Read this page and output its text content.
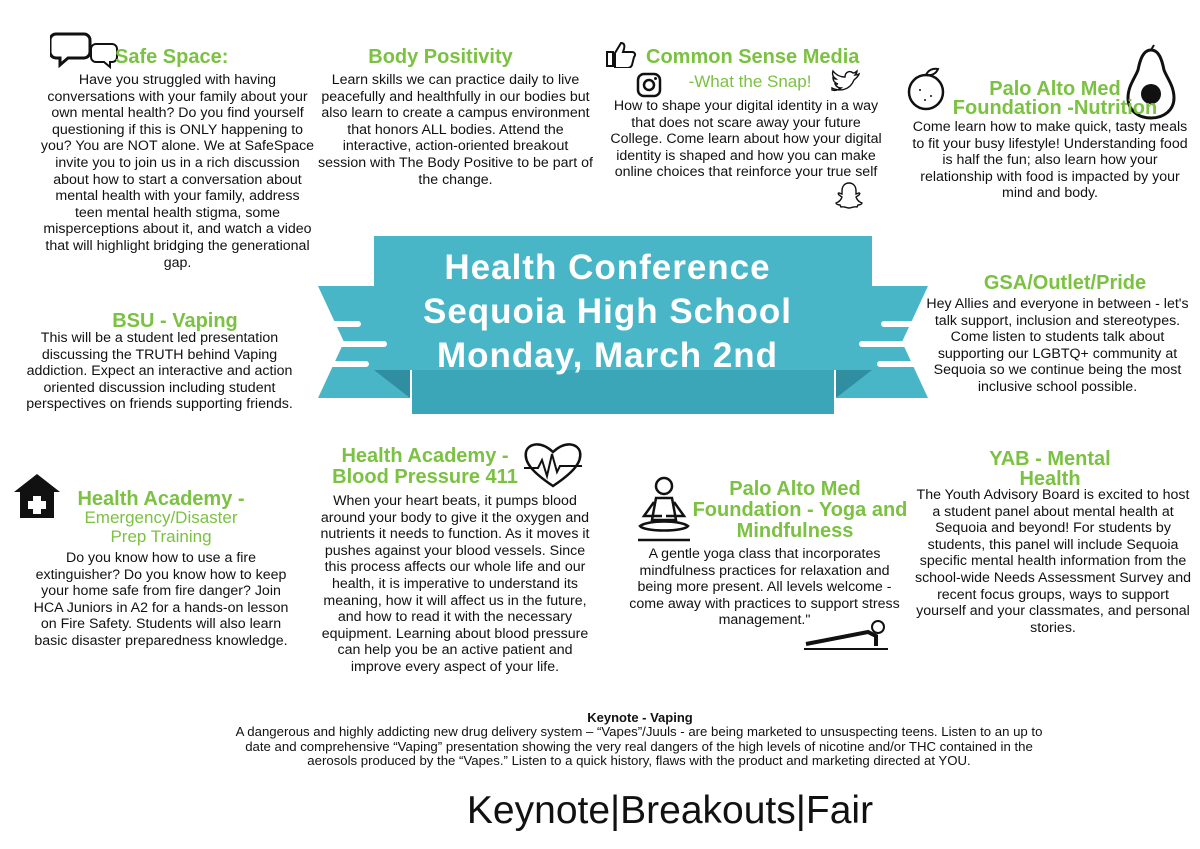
Health Conference
Sequoia High School
Monday, March 2nd
Safe Space:
Have you struggled with having conversations with your family about your own mental health? Do you find yourself questioning if this is ONLY happening to you? You are NOT alone. We at SafeSpace invite you to join us in a rich discussion about how to start a conversation about mental health with your family, address teen mental health stigma, some misperceptions about it, and watch a video that will highlight bridging the generational gap.
Body Positivity
Learn skills we can practice daily to live peacefully and healthfully in our bodies but also learn to create a campus environment that honors ALL bodies. Attend the interactive, action-oriented breakout session with The Body Positive to be part of the change.
Common Sense Media
-What the Snap!
How to shape your digital identity in a way that does not scare away your future College. Come learn about how your digital identity is shaped and how you can make online choices that reinforce your true self
Palo Alto Med
Foundation -Nutrition
Come learn how to make quick, tasty meals to fit your busy lifestyle! Understanding food is half the fun; also learn how your relationship with food is impacted by your mind and body.
BSU - Vaping
This will be a student led presentation discussing the TRUTH behind Vaping addiction. Expect an interactive and action oriented discussion including student perspectives on friends supporting friends.
GSA/Outlet/Pride
Hey Allies and everyone in between - let's talk support, inclusion and stereotypes. Come listen to students talk about supporting our LGBTQ+ community at Sequoia so we continue being the most inclusive school possible.
Health Academy -
Emergency/Disaster
Prep Training
Do you know how to use a fire extinguisher? Do you know how to keep your home safe from fire danger? Join HCA Juniors in A2 for a hands-on lesson on Fire Safety. Students will also learn basic disaster preparedness knowledge.
Health Academy -
Blood Pressure 411
When your heart beats, it pumps blood around your body to give it the oxygen and nutrients it needs to function. As it moves it pushes against your blood vessels. Since this process affects our whole life and our health, it is imperative to understand its meaning, how it will affect us in the future, and how to read it with the necessary equipment. Learning about blood pressure can help you be an active patient and improve every aspect of your life.
Palo Alto Med
Foundation - Yoga and
Mindfulness
A gentle yoga class that incorporates mindfulness practices for relaxation and being more present. All levels welcome - come away with practices to support stress management."
YAB - Mental
Health
The Youth Advisory Board is excited to host a student panel about mental health at Sequoia and beyond! For students by students, this panel will include Sequoia specific mental health information from the school-wide Needs Assessment Survey and recent focus groups, ways to support yourself and your classmates, and personal stories.
Keynote - Vaping
A dangerous and highly addicting new drug delivery system – “Vapes”/Juuls - are being marketed to unsuspecting teens. Listen to an up to date and comprehensive “Vaping” presentation showing the very real dangers of the high levels of nicotine and/or THC contained in the aerosols produced by the “Vapes.” Listen to a quick history, flaws with the product and marketing directed at YOU.
Keynote|Breakouts|Fair
